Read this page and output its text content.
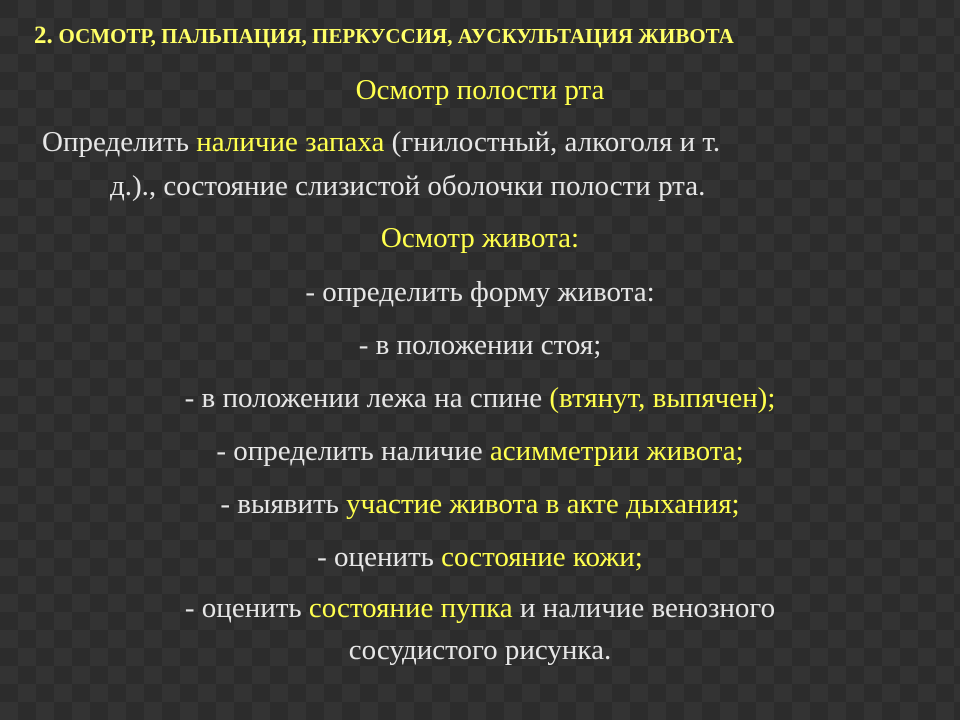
2. ОСМОТР, ПАЛЬПАЦИЯ, ПЕРКУССИЯ, АУСКУЛЬТАЦИЯ ЖИВОТА
Осмотр полости рта
Определить наличие запаха (гнилостный, алкоголя и т.
д.)., состояние слизистой оболочки полости рта.
Осмотр живота:
- определить форму живота:
- в положении стоя;
- в положении лежа на спине (втянут, выпячен);
- определить наличие асимметрии живота;
- выявить участие живота в акте дыхания;
- оценить состояние кожи;
- оценить состояние пупка и наличие венозного
сосудистого рисунка.
